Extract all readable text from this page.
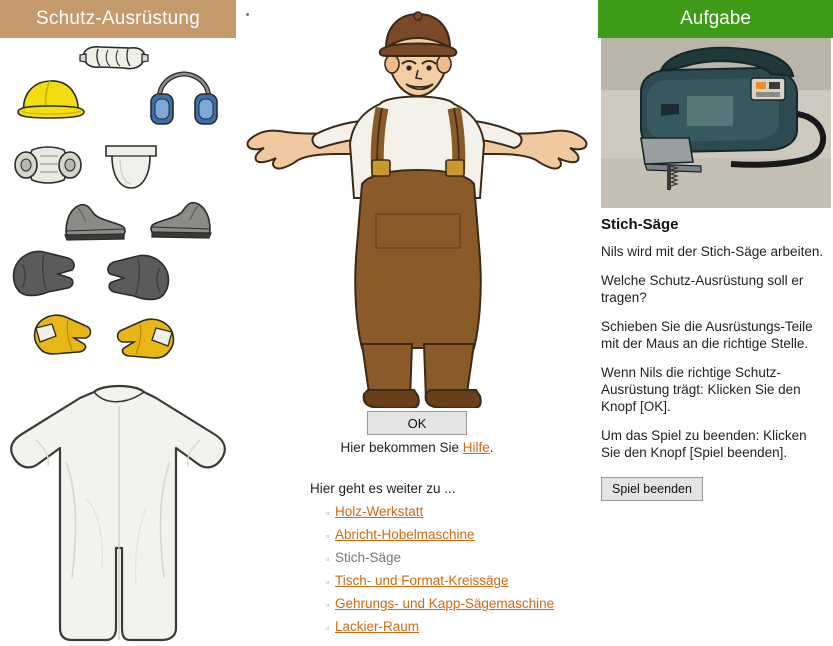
Schutz-Ausrüstung
OK
Hier bekommen Sie Hilfe.
Hier geht es weiter zu ...
▫ Holz-Werkstatt
▫ Abricht-Hobelmaschine
▫ Stich-Säge
▫ Tisch- und Format-Kreissäge
▫ Gehrungs- und Kapp-Sägemaschine
▫ Lackier-Raum
Aufgabe
Stich-Säge

Nils wird mit der Stich-Säge arbeiten.

Welche Schutz-Ausrüstung soll er tragen?

Schieben Sie die Ausrüstungs-Teile mit der Maus an die richtige Stelle.

Wenn Nils die richtige Schutz-Ausrüstung trägt: Klicken Sie den Knopf [OK].

Um das Spiel zu beenden: Klicken Sie den Knopf [Spiel beenden].

Spiel beenden
